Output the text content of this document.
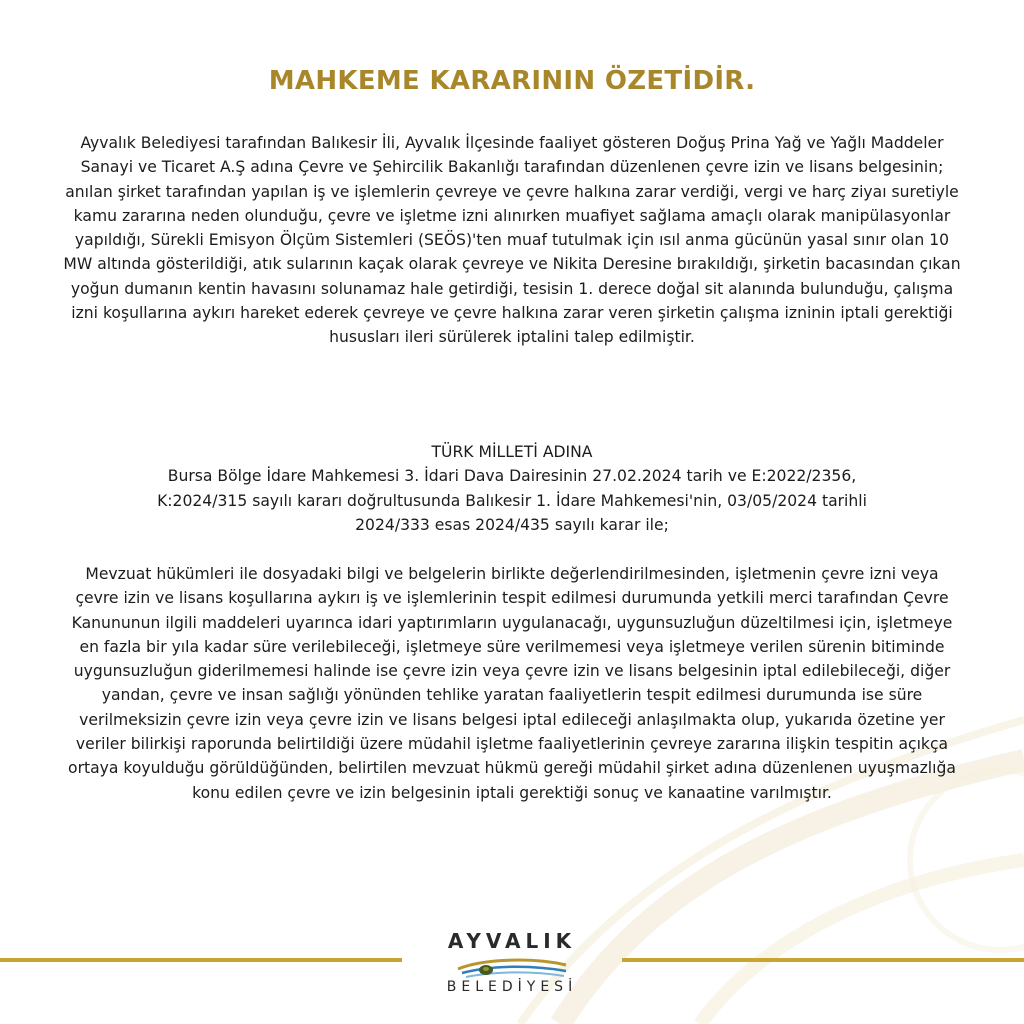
MAHKEME KARARININ ÖZETİDİR.
Ayvalık Belediyesi tarafından Balıkesir İli, Ayvalık İlçesinde faaliyet gösteren Doğuş Prina Yağ ve Yağlı Maddeler Sanayi ve Ticaret A.Ş adına Çevre ve Şehircilik Bakanlığı tarafından düzenlenen çevre izin ve lisans belgesinin; anılan şirket tarafından yapılan iş ve işlemlerin çevreye ve çevre halkına zarar verdiği, vergi ve harç ziyaı suretiyle kamu zararına neden olunduğu, çevre ve işletme izni alınırken muafiyet sağlama amaçlı olarak manipülasyonlar yapıldığı, Sürekli Emisyon Ölçüm Sistemleri (SEÖS)'ten muaf tutulmak için ısıl anma gücünün yasal sınır olan 10 MW altında gösterildiği, atık sularının kaçak olarak çevreye ve Nikita Deresine bırakıldığı, şirketin bacasından çıkan yoğun dumanın kentin havasını solunamaz hale getirdiği, tesisin 1. derece doğal sit alanında bulunduğu, çalışma izni koşullarına aykırı hareket ederek çevreye ve çevre halkına zarar veren şirketin çalışma izninin iptali gerektiği hususları ileri sürülerek iptalini talep edilmiştir.
TÜRK MİLLETİ ADINA
Bursa Bölge İdare Mahkemesi 3. İdari Dava Dairesinin 27.02.2024 tarih ve E:2022/2356,
K:2024/315 sayılı kararı doğrultusunda Balıkesir 1. İdare Mahkemesi'nin, 03/05/2024 tarihli
2024/333 esas 2024/435 sayılı karar ile;
Mevzuat hükümleri ile dosyadaki bilgi ve belgelerin birlikte değerlendirilmesinden, işletmenin çevre izni veya çevre izin ve lisans koşullarına aykırı iş ve işlemlerinin tespit edilmesi durumunda yetkili merci tarafından Çevre Kanununun ilgili maddeleri uyarınca idari yaptırımların uygulanacağı, uygunsuzluğun düzeltilmesi için, işletmeye en fazla bir yıla kadar süre verilebileceği, işletmeye süre verilmemesi veya işletmeye verilen sürenin bitiminde uygunsuzluğun giderilmemesi halinde ise çevre izin veya çevre izin ve lisans belgesinin iptal edilebileceği, diğer yandan, çevre ve insan sağlığı yönünden tehlike yaratan faaliyetlerin tespit edilmesi durumunda ise süre verilmeksizin çevre izin veya çevre izin ve lisans belgesi iptal edileceği anlaşılmakta olup, yukarıda özetine yer veriler bilirkişi raporunda belirtildiği üzere müdahil işletme faaliyetlerinin çevreye zararına ilişkin tespitin açıkça ortaya koyulduğu görüldüğünden, belirtilen mevzuat hükmü gereği müdahil şirket adına düzenlenen uyuşmazlığa konu edilen çevre ve izin belgesinin iptali gerektiği sonuç ve kanaatine varılmıştır.
AYVALIK
BELEDİYESİ
